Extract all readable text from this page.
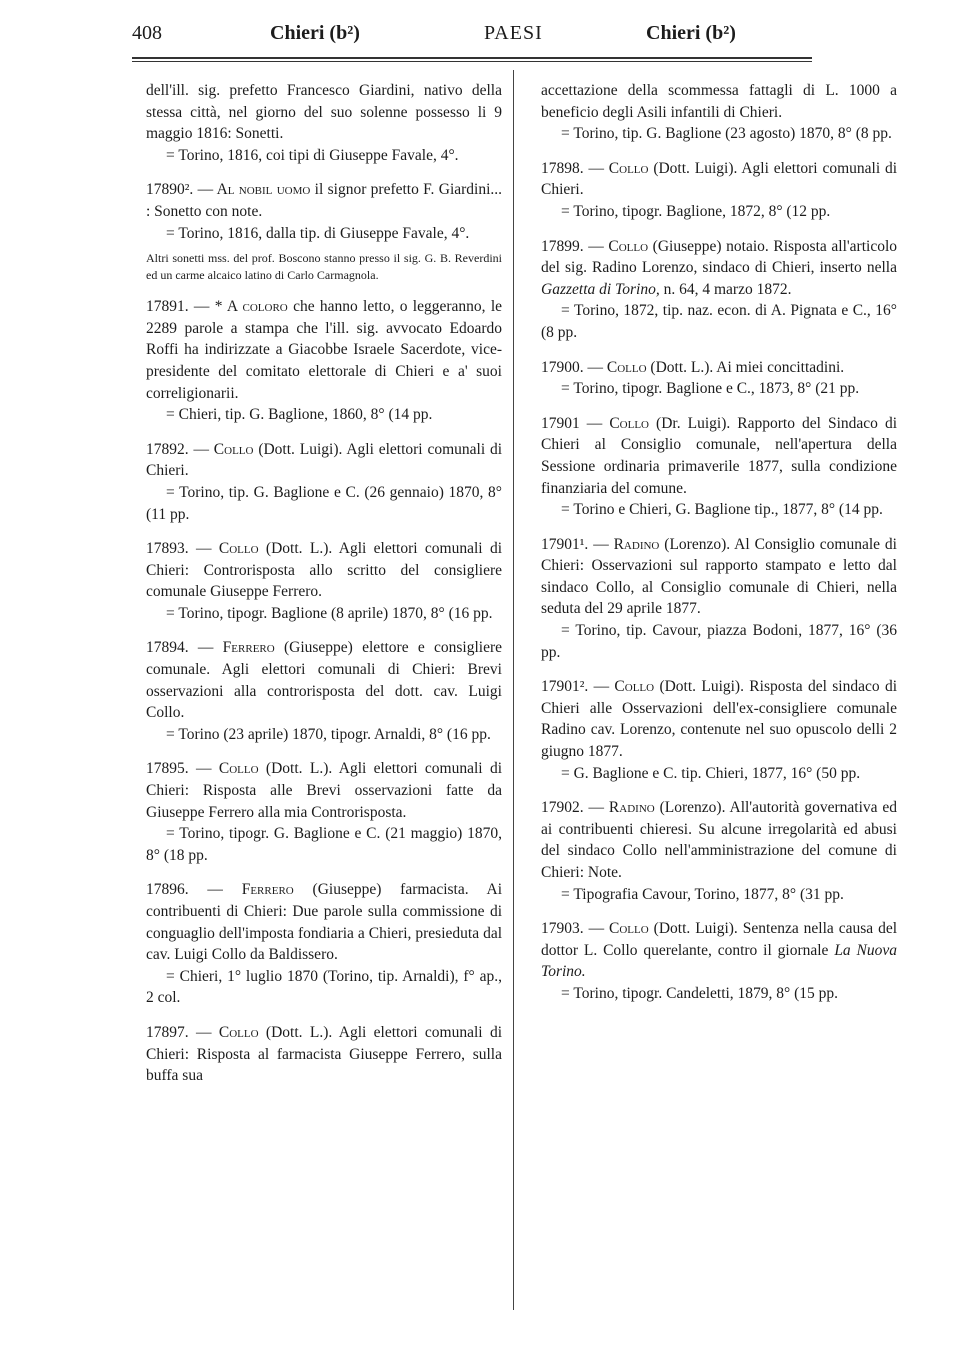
408	Chieri (b²)	PAESI	Chieri (b²)

dell'ill. sig. prefetto Francesco Giardini, nativo della stessa città, nel giorno del suo solenne possesso li 9 maggio 1816: Sonetti.

= Torino, 1816, coi tipi di Giuseppe Favale, 4°.

17890². — Al nobil uomo il signor prefetto F. Giardini... : Sonetto con note.

= Torino, 1816, dalla tip. di Giuseppe Favale, 4°.

Altri sonetti mss. del prof. Boscono stanno presso il sig. G. B. Reverdini ed un carme alcaico latino di Carlo Carmagnola.

17891. — * A coloro che hanno letto, o leggeranno, le 2289 parole a stampa che l'ill. sig. avvocato Edoardo Roffi ha indirizzate a Giacobbe Israele Sacerdote, vice-presidente del comitato elettorale di Chieri e a' suoi correligionarii.

= Chieri, tip. G. Baglione, 1860, 8° (14 pp.

17892. — Collo (Dott. Luigi). Agli elettori comunali di Chieri.

= Torino, tip. G. Baglione e C. (26 gennaio) 1870, 8° (11 pp.

17893. — Collo (Dott. L.). Agli elettori comunali di Chieri: Controrisposta allo scritto del consigliere comunale Giuseppe Ferrero.

= Torino, tipogr. Baglione (8 aprile) 1870, 8° (16 pp.

17894. — Ferrero (Giuseppe) elettore e consigliere comunale. Agli elettori comunali di Chieri: Brevi osservazioni alla controrisposta del dott. cav. Luigi Collo.

= Torino (23 aprile) 1870, tipogr. Arnaldi, 8° (16 pp.

17895. — Collo (Dott. L.). Agli elettori comunali di Chieri: Risposta alle Brevi osservazioni fatte da Giuseppe Ferrero alla mia Controrisposta.

= Torino, tipogr. G. Baglione e C. (21 maggio) 1870, 8° (18 pp.

17896. — Ferrero (Giuseppe) farmacista. Ai contribuenti di Chieri: Due parole sulla commissione di conguaglio dell'imposta fondiaria a Chieri, presieduta dal cav. Luigi Collo da Baldissero.

= Chieri, 1° luglio 1870 (Torino, tip. Arnaldi), f° ap., 2 col.

17897. — Collo (Dott. L.). Agli elettori comunali di Chieri: Risposta al farmacista Giuseppe Ferrero, sulla buffa sua

accettazione della scommessa fattagli di L. 1000 a beneficio degli Asili infantili di Chieri.

= Torino, tip. G. Baglione (23 agosto) 1870, 8° (8 pp.

17898. — Collo (Dott. Luigi). Agli elettori comunali di Chieri.

= Torino, tipogr. Baglione, 1872, 8° (12 pp.

17899. — Collo (Giuseppe) notaio. Risposta all'articolo del sig. Radino Lorenzo, sindaco di Chieri, inserto nella Gazzetta di Torino, n. 64, 4 marzo 1872.

= Torino, 1872, tip. naz. econ. di A. Pignata e C., 16° (8 pp.

17900. — Collo (Dott. L.). Ai miei concittadini.

= Torino, tipogr. Baglione e C., 1873, 8° (21 pp.

17901 — Collo (Dr. Luigi). Rapporto del Sindaco di Chieri al Consiglio comunale, nell'apertura della Sessione ordinaria primaverile 1877, sulla condizione finanziaria del comune.

= Torino e Chieri, G. Baglione tip., 1877, 8° (14 pp.

17901¹. — Radino (Lorenzo). Al Consiglio comunale di Chieri: Osservazioni sul rapporto stampato e letto dal sindaco Collo, al Consiglio comunale di Chieri, nella seduta del 29 aprile 1877.

= Torino, tip. Cavour, piazza Bodoni, 1877, 16° (36 pp.

17901². — Collo (Dott. Luigi). Risposta del sindaco di Chieri alle Osservazioni dell'ex-consigliere comunale Radino cav. Lorenzo, contenute nel suo opuscolo delli 2 giugno 1877.

= G. Baglione e C. tip. Chieri, 1877, 16° (50 pp.

17902. — Radino (Lorenzo). All'autorità governativa ed ai contribuenti chieresi. Su alcune irregolarità ed abusi del sindaco Collo nell'amministrazione del comune di Chieri: Note.

= Tipografia Cavour, Torino, 1877, 8° (31 pp.

17903. — Collo (Dott. Luigi). Sentenza nella causa del dottor L. Collo querelante, contro il giornale La Nuova Torino.

= Torino, tipogr. Candeletti, 1879, 8° (15 pp.
